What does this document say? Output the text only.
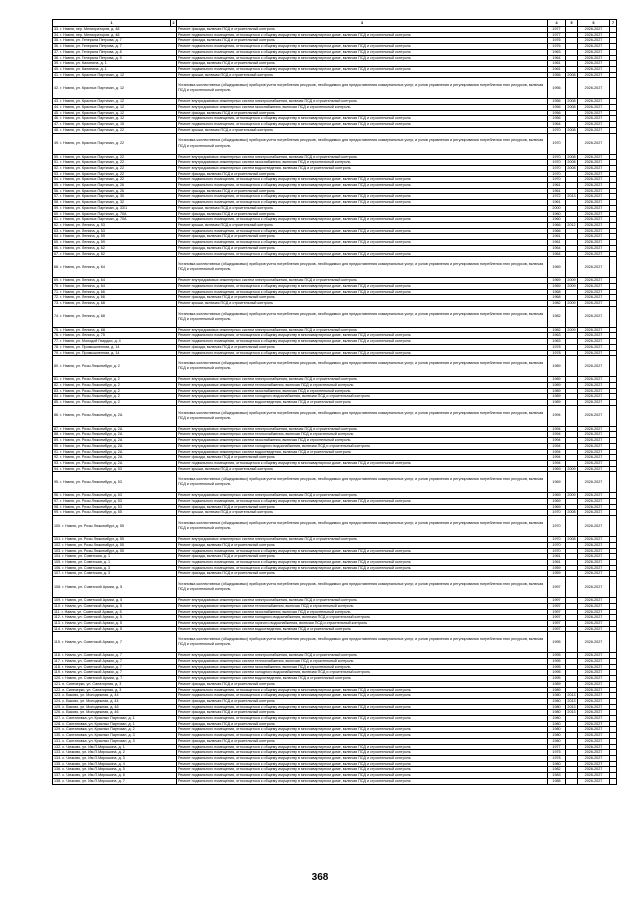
1	2	3	4	5	6	7
33. г. Навля, пер. Мелиораторов, д. 48		Ремонт фасада, включая ПСД и строительный контроль	1977		2026-2027	
34. г. Навля, пер. Мелиораторов, д. 48		Ремонт подвального помещения, относящегося к общему имуществу в многоквартирном доме, включая ПСД и строительный контроль	1977		2026-2027	
35. г. Навля, ул. Генерала Петрова, д. 7		Ремонт фасада, включая ПСД и строительный контроль	1976		2026-2027	
36. г. Навля, ул. Генерала Петрова, д. 7		Ремонт подвального помещения, относящегося к общему имуществу в многоквартирном доме, включая ПСД и строительный контроль	1976		2026-2027	
37. г. Навля, ул. Генерала Петрова, д. 8		Ремонт подвального помещения, относящегося к общему имуществу в многоквартирном доме, включая ПСД и строительный контроль	1963		2026-2027	
38. г. Навля, ул. Генерала Петрова, д. 9		Ремонт подвального помещения, относящегося к общему имуществу в многоквартирном доме, включая ПСД и строительный контроль	1964		2026-2027	
39. г. Навля, ул. Калинина, д. 1		Ремонт фасада, включая ПСД и строительный контроль	1961		2026-2027	
40. г. Навля, ул. Калинина, д. 1		Ремонт подвального помещения, относящегося к общему имуществу в многоквартирном доме, включая ПСД и строительный контроль	1961		2026-2027	
41. г. Навля, ул. Красных Партизан, д. 12		Ремонт крыши, включая ПСД и строительный контроль	1956	2008	2026-2027	
42. г. Навля, ул. Красных Партизан, д. 12		Установка коллективных (общедомовых) приборов учета потребления ресурсов, необходимых для предоставления коммунальных услуг, и узлов управления и регулирования потребления этих ресурсов, включая ПСД и строительный контроль	1956		2026-2027	
43. г. Навля, ул. Красных Партизан, д. 12		Ремонт внутридомовых инженерных систем электроснабжения, включая ПСД и строительный контроль	1956	2008	2026-2027	
44. г. Навля, ул. Красных Партизан, д. 12		Ремонт внутридомовых инженерных систем газоснабжения, включая ПСД и строительный контроль	1956	2008	2026-2027	
45. г. Навля, ул. Красных Партизан, д. 12		Ремонт фасада, включая ПСД и строительный контроль	1956		2026-2027	
46. г. Навля, ул. Красных Партизан, д. 12		Ремонт подвального помещения, относящегося к общему имуществу в многоквартирном доме, включая ПСД и строительный контроль	1956		2026-2027	
47. г. Навля, ул. Красных Партизан, д. 15		Ремонт подвального помещения, относящегося к общему имуществу в многоквартирном доме, включая ПСД и строительный контроль	1964		2026-2027	
48. г. Навля, ул. Красных Партизан, д. 22		Ремонт крыши, включая ПСД и строительный контроль	1970	2008	2026-2027	
49. г. Навля, ул. Красных Партизан, д. 22		Установка коллективных (общедомовых) приборов учета потребления ресурсов, необходимых для предоставления коммунальных услуг, и узлов управления и регулирования потребления этих ресурсов, включая ПСД и строительный контроль	1970		2026-2027	
50. г. Навля, ул. Красных Партизан, д. 22		Ремонт внутридомовых инженерных систем электроснабжения, включая ПСД и строительный контроль	1970	2008	2026-2027	
51. г. Навля, ул. Красных Партизан, д. 22		Ремонт внутридомовых инженерных систем газоснабжения, включая ПСД и строительный контроль	1970	2008	2026-2027	
52. г. Навля, ул. Красных Партизан, д. 22		Ремонт внутридомовых инженерных систем водоотведения, включая ПСД и строительный контроль	1970	2008	2026-2027	
53. г. Навля, ул. Красных Партизан, д. 22		Ремонт фасада, включая ПСД и строительный контроль	1970		2026-2027	
54. г. Навля, ул. Красных Партизан, д. 22		Ремонт подвального помещения, относящегося к общему имуществу в многоквартирном доме, включая ПСД и строительный контроль	1970		2026-2027	
55. г. Навля, ул. Красных Партизан, д. 26		Ремонт подвального помещения, относящегося к общему имуществу в многоквартирном доме, включая ПСД и строительный контроль	1961		2026-2027	
56. г. Навля, ул. Красных Партизан, д. 26		Ремонт фасада, включая ПСД и строительный контроль	1961		2026-2027	
57. г. Навля, ул. Красных Партизан, д. 30		Ремонт подвального помещения, относящегося к общему имуществу в многоквартирном доме, включая ПСД и строительный контроль	1972	2013	2026-2027	
58. г. Навля, ул. Красных Партизан, д. 32		Ремонт подвального помещения, относящегося к общему имуществу в многоквартирном доме, включая ПСД и строительный контроль	1961		2026-2027	
59. г. Навля, ул. Красных Партизан, д. 33/1		Ремонт крыши, включая ПСД и строительный контроль	2000		2026-2027	
60. г. Навля, ул. Красных Партизан, д. 70А		Ремонт фасада, включая ПСД и строительный контроль	1960		2026-2027	
61. г. Навля, ул. Красных Партизан, д. 70А		Ремонт подвального помещения, относящегося к общему имуществу в многоквартирном доме, включая ПСД и строительный контроль	1960		2026-2027	
62. г. Навля, ул. Ленина, д. 53		Ремонт крыши, включая ПСД и строительный контроль	1966	2012	2026-2027	
63. г. Навля, ул. Ленина, д. 53		Ремонт подвального помещения, относящегося к общему имуществу в многоквартирном доме, включая ПСД и строительный контроль	1966		2026-2027	
64. г. Навля, ул. Ленина, д. 59		Ремонт фасада, включая ПСД и строительный контроль	1961		2026-2027	
65. г. Навля, ул. Ленина, д. 59		Ремонт подвального помещения, относящегося к общему имуществу в многоквартирном доме, включая ПСД и строительный контроль	1961		2026-2027	
66. г. Навля, ул. Ленина, д. 62		Ремонт фасада, включая ПСД и строительный контроль	1964		2026-2027	
67. г. Навля, ул. Ленина, д. 62		Ремонт подвального помещения, относящегося к общему имуществу в многоквартирном доме, включая ПСД и строительный контроль	1964		2026-2027	
68. г. Навля, ул. Ленина, д. 64		Установка коллективных (общедомовых) приборов учета потребления ресурсов, необходимых для предоставления коммунальных услуг, и узлов управления и регулирования потребления этих ресурсов, включая ПСД и строительный контроль	1969		2026-2027	
69. г. Навля, ул. Ленина, д. 64		Ремонт внутридомовых инженерных систем электроснабжения, включая ПСД и строительный контроль	1969	2009	2026-2027	
70. г. Навля, ул. Ленина, д. 64		Ремонт подвального помещения, относящегося к общему имуществу в многоквартирном доме, включая ПСД и строительный контроль	1969	2009	2026-2027	
71. г. Навля, ул. Ленина, д. 66		Ремонт подвального помещения, относящегося к общему имуществу в многоквартирном доме, включая ПСД и строительный контроль	1968		2026-2027	
72. г. Навля, ул. Ленина, д. 66		Ремонт фасада, включая ПСД и строительный контроль	1968		2026-2027	
73. г. Навля, ул. Ленина, д. 68		Ремонт крыши, включая ПСД и строительный контроль	1982	2009	2026-2027	
74. г. Навля, ул. Ленина, д. 68		Установка коллективных (общедомовых) приборов учета потребления ресурсов, необходимых для предоставления коммунальных услуг, и узлов управления и регулирования потребления этих ресурсов, включая ПСД и строительный контроль	1982		2026-2027	
75. г. Навля, ул. Ленина, д. 68		Ремонт внутридомовых инженерных систем электроснабжения, включая ПСД и строительный контроль	1982	2009	2026-2027	
76. г. Навля, ул. Ленина, д. 75		Ремонт подвального помещения, относящегося к общему имуществу в многоквартирном доме, включая ПСД и строительный контроль	1963		2026-2027	
77. г. Навля, ул. Молодой Гвардии, д. 4		Ремонт подвального помещения, относящегося к общему имуществу в многоквартирном доме, включая ПСД и строительный контроль	1963		2026-2027	
78. г. Навля, ул. Промышленная, д. 14		Ремонт фасада, включая ПСД и строительный контроль	1978		2026-2027	
79. г. Навля, ул. Промышленная, д. 14		Ремонт подвального помещения, относящегося к общему имуществу в многоквартирном доме, включая ПСД и строительный контроль	1978		2026-2027	
80. г. Навля, ул. Розы Люксембург, д. 2		Установка коллективных (общедомовых) приборов учета потребления ресурсов, необходимых для предоставления коммунальных услуг, и узлов управления и регулирования потребления этих ресурсов, включая ПСД и строительный контроль	1989		2026-2027	
81. г. Навля, ул. Розы Люксембург, д. 2		Ремонт внутридомовых инженерных систем электроснабжения, включая ПСД и строительный контроль	1989		2026-2027	
82. г. Навля, ул. Розы Люксембург, д. 2		Ремонт внутридомовых инженерных систем теплоснабжения, включая ПСД и строительный контроль	1989		2026-2027	
83. г. Навля, ул. Розы Люксембург, д. 2		Ремонт внутридомовых инженерных систем газоснабжения, включая ПСД и строительный контроль	1989		2026-2027	
84. г. Навля, ул. Розы Люксембург, д. 2		Ремонт внутридомовых инженерных систем холодного водоснабжения, включая ПСД и строительный контроль	1989		2026-2027	
85. г. Навля, ул. Розы Люксембург, д. 2		Ремонт внутридомовых инженерных систем водоотведения, включая ПСД и строительный контроль	1989		2026-2027	
86. г. Навля, ул. Розы Люксембург, д. 2А		Установка коллективных (общедомовых) приборов учета потребления ресурсов, необходимых для предоставления коммунальных услуг, и узлов управления и регулирования потребления этих ресурсов, включая ПСД и строительный контроль	1994		2026-2027	
87. г. Навля, ул. Розы Люксембург, д. 2А		Ремонт внутридомовых инженерных систем электроснабжения, включая ПСД и строительный контроль	1994		2026-2027	
88. г. Навля, ул. Розы Люксембург, д. 2А		Ремонт внутридомовых инженерных систем теплоснабжения, включая ПСД и строительный контроль	1994		2026-2027	
89. г. Навля, ул. Розы Люксембург, д. 2А		Ремонт внутридомовых инженерных систем газоснабжения, включая ПСД и строительный контроль	1994		2026-2027	
90. г. Навля, ул. Розы Люксембург, д. 2А		Ремонт внутридомовых инженерных систем холодного водоснабжения, включая ПСД и строительный контроль	1994		2026-2027	
91. г. Навля, ул. Розы Люксембург, д. 2А		Ремонт внутридомовых инженерных систем водоотведения, включая ПСД и строительный контроль	1994		2026-2027	
92. г. Навля, ул. Розы Люксембург, д. 2А		Ремонт фасада, включая ПСД и строительный контроль	1994		2026-2027	
93. г. Навля, ул. Розы Люксембург, д. 2А		Ремонт подвального помещения, относящегося к общему имуществу в многоквартирном доме, включая ПСД и строительный контроль	1994		2026-2027	
94. г. Навля, ул. Розы Люксембург, д. 53		Ремонт крыши, включая ПСД и строительный контроль	1969	2009	2026-2027	
95. г. Навля, ул. Розы Люксембург, д. 53		Установка коллективных (общедомовых) приборов учета потребления ресурсов, необходимых для предоставления коммунальных услуг, и узлов управления и регулирования потребления этих ресурсов, включая ПСД и строительный контроль	1969		2026-2027	
96. г. Навля, ул. Розы Люксембург, д. 53		Ремонт внутридомовых инженерных систем электроснабжения, включая ПСД и строительный контроль	1969	2009	2026-2027	
97. г. Навля, ул. Розы Люксембург, д. 53		Ремонт подвального помещения, относящегося к общему имуществу в многоквартирном доме, включая ПСД и строительный контроль	1969		2026-2027	
98. г. Навля, ул. Розы Люксембург, д. 53		Ремонт фасада, включая ПСД и строительный контроль	1969		2026-2027	
99. г. Навля, ул. Розы Люксембург, д. 55		Ремонт крыши, включая ПСД и строительный контроль	1970	2008	2026-2027	
100. г. Навля, ул. Розы Люксембург, д. 55		Установка коллективных (общедомовых) приборов учета потребления ресурсов, необходимых для предоставления коммунальных услуг, и узлов управления и регулирования потребления этих ресурсов, включая ПСД и строительный контроль	1970		2026-2027	
101. г. Навля, ул. Розы Люксембург, д. 55		Ремонт внутридомовых инженерных систем электроснабжения, включая ПСД и строительный контроль	1970	2008	2026-2027	
102. г. Навля, ул. Розы Люксембург, д. 55		Ремонт фасада, включая ПСД и строительный контроль	1970		2026-2027	
103. г. Навля, ул. Розы Люксембург, д. 55		Ремонт подвального помещения, относящегося к общему имуществу в многоквартирном доме, включая ПСД и строительный контроль	1970		2026-2027	
104. г. Навля, ул. Советская, д. 1		Ремонт фасада, включая ПСД и строительный контроль	1961		2026-2027	
105. г. Навля, ул. Советская, д. 1		Ремонт подвального помещения, относящегося к общему имуществу в многоквартирном доме, включая ПСД и строительный контроль	1961		2026-2027	
106. г. Навля, ул. Советская, д. 3		Ремонт подвального помещения, относящегося к общему имуществу в многоквартирном доме, включая ПСД и строительный контроль	1959		2026-2027	
107. г. Навля, ул. Советская, д. 3		Ремонт фасада, включая ПСД и строительный контроль	1959		2026-2027	
108. г. Навля, ул. Советской Армии, д. 5		Установка коллективных (общедомовых) приборов учета потребления ресурсов, необходимых для предоставления коммунальных услуг, и узлов управления и регулирования потребления этих ресурсов, включая ПСД и строительный контроль	1997		2026-2027	
109. г. Навля, ул. Советской Армии, д. 5		Ремонт внутридомовых инженерных систем электроснабжения, включая ПСД и строительный контроль	1997		2026-2027	
110. г. Навля, ул. Советской Армии, д. 5		Ремонт внутридомовых инженерных систем теплоснабжения, включая ПСД и строительный контроль	1997		2026-2027	
111. г. Навля, ул. Советской Армии, д. 5		Ремонт внутридомовых инженерных систем газоснабжения, включая ПСД и строительный контроль	1997		2026-2027	
112. г. Навля, ул. Советской Армии, д. 5		Ремонт внутридомовых инженерных систем холодного водоснабжения, включая ПСД и строительный контроль	1997		2026-2027	
113. г. Навля, ул. Советской Армии, д. 5		Ремонт внутридомовых инженерных систем горячего водоснабжения, включая ПСД и строительный контроль	1997		2026-2027	
114. г. Навля, ул. Советской Армии, д. 5		Ремонт внутридомовых инженерных систем водоотведения, включая ПСД и строительный контроль	1997		2026-2027	
115. г. Навля, ул. Советской Армии, д. 7		Установка коллективных (общедомовых) приборов учета потребления ресурсов, необходимых для предоставления коммунальных услуг, и узлов управления и регулирования потребления этих ресурсов, включая ПСД и строительный контроль	1995		2026-2027	
116. г. Навля, ул. Советской Армии, д. 7		Ремонт внутридомовых инженерных систем электроснабжения, включая ПСД и строительный контроль	1995		2026-2027	
117. г. Навля, ул. Советской Армии, д. 7		Ремонт внутридомовых инженерных систем теплоснабжения, включая ПСД и строительный контроль	1995		2026-2027	
118. г. Навля, ул. Советской Армии, д. 7		Ремонт внутридомовых инженерных систем газоснабжения, включая ПСД и строительный контроль	1995		2026-2027	
119. г. Навля, ул. Советской Армии, д. 7		Ремонт внутридомовых инженерных систем холодного водоснабжения, включая ПСД и строительный контроль	1995		2026-2027	
120. г. Навля, ул. Советской Армии, д. 7		Ремонт внутридомовых инженерных систем водоотведения, включая ПСД и строительный контроль	1995		2026-2027	
121. п. Синезерки, ул. Санаторная, д. 3		Ремонт фасада, включая ПСД и строительный контроль	1989		2026-2027	
122. п. Синезерки, ул. Санаторная, д. 3		Ремонт подвального помещения, относящегося к общему имуществу в многоквартирном доме, включая ПСД и строительный контроль	1989		2026-2027	
123. с. Бяково, ул. Молодежная, д. 44		Ремонт подвального помещения, относящегося к общему имуществу в многоквартирном доме, включая ПСД и строительный контроль	1980	2013	2026-2027	
124. с. Бяково, ул. Молодежная, д. 44		Ремонт фасада, включая ПСД и строительный контроль	1980	2013	2026-2027	
125. с. Бяково, ул. Молодежная, д. 46		Ремонт подвального помещения, относящегося к общему имуществу в многоквартирном доме, включая ПСД и строительный контроль	1980	2013	2026-2027	
126. с. Бяково, ул. Молодежная, д. 46		Ремонт фасада, включая ПСД и строительный контроль	1980	2013	2026-2027	
127. с. Салтановка, ул. Красных Партизан, д. 1		Ремонт подвального помещения, относящегося к общему имуществу в многоквартирном доме, включая ПСД и строительный контроль	1980		2026-2027	
128. с. Салтановка, ул. Красных Партизан, д. 1		Ремонт фасада, включая ПСД и строительный контроль	1980		2026-2027	
129. с. Салтановка, ул. Красных Партизан, д. 2		Ремонт подвального помещения, относящегося к общему имуществу в многоквартирном доме, включая ПСД и строительный контроль	1980		2026-2027	
130. с. Салтановка, ул. Красных Партизан, д. 3		Ремонт подвального помещения, относящегося к общему имуществу в многоквартирном доме, включая ПСД и строительный контроль	1980		2026-2027	
131. с. Салтановка, ул. Красных Партизан, д. 3		Ремонт фасада, включая ПСД и строительный контроль	1980		2026-2027	
132. с. Чичково, ул. Им.П.Мирошина, д. 1		Ремонт подвального помещения, относящегося к общему имуществу в многоквартирном доме, включая ПСД и строительный контроль	1977		2026-2027	
133. с. Чичково, ул. Им.П.Мирошина, д. 2		Ремонт подвального помещения, относящегося к общему имуществу в многоквартирном доме, включая ПСД и строительный контроль	1975		2026-2027	
134. с. Чичково, ул. Им.П.Мирошина, д. 3		Ремонт подвального помещения, относящегося к общему имуществу в многоквартирном доме, включая ПСД и строительный контроль	1978		2026-2027	
135. с. Чичково, ул. Им.П.Мирошина, д. 4		Ремонт подвального помещения, относящегося к общему имуществу в многоквартирном доме, включая ПСД и строительный контроль	1980		2026-2027	
136. с. Чичково, ул. Им.П.Мирошина, д. 5		Ремонт подвального помещения, относящегося к общему имуществу в многоквартирном доме, включая ПСД и строительный контроль	1982		2026-2027	
137. с. Чичково, ул. Им.П.Мирошина, д. 6		Ремонт подвального помещения, относящегося к общему имуществу в многоквартирном доме, включая ПСД и строительный контроль	1983		2026-2027	
138. с. Чичково, ул. Им.П.Мирошина, д. 7		Ремонт подвального помещения, относящегося к общему имуществу в многоквартирном доме, включая ПСД и строительный контроль	1988		2026-2027	
368
